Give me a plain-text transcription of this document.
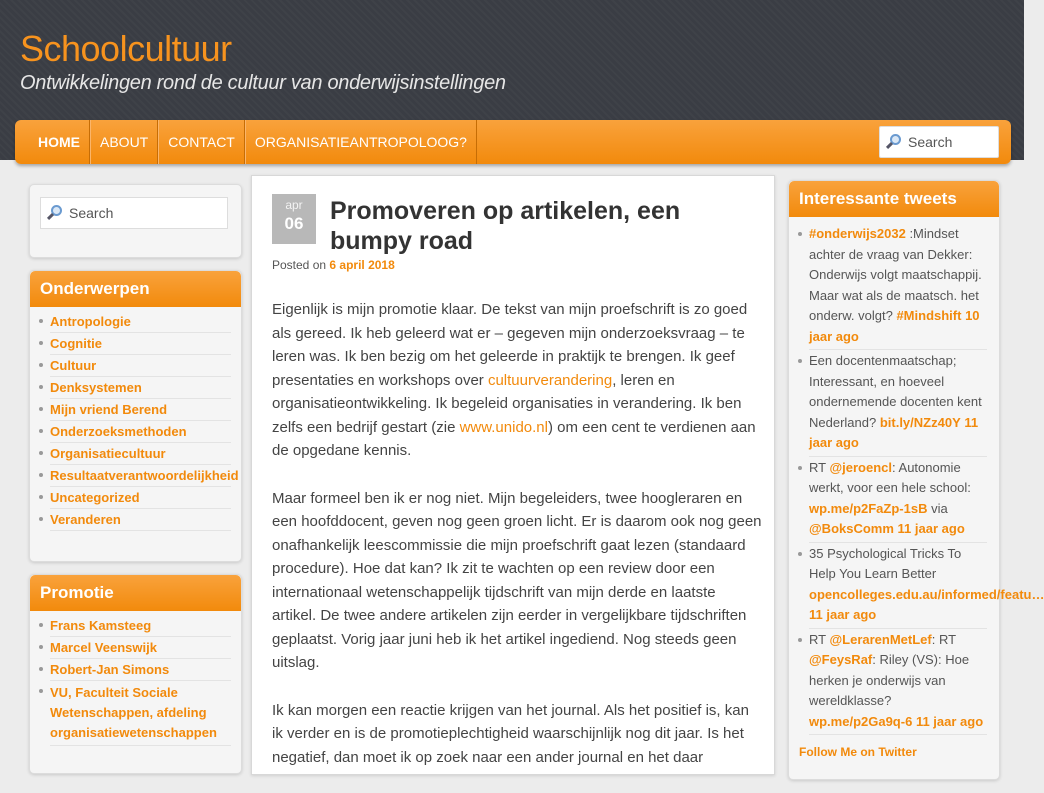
Schoolcultuur
Ontwikkelingen rond de cultuur van onderwijsinstellingen
HOME	ABOUT	CONTACT	ORGANISATIEANTROPOLOOG?	Search
Search
Onderwerpen
Antropologie
Cognitie
Cultuur
Denksystemen
Mijn vriend Berend
Onderzoeksmethoden
Organisatiecultuur
Resultaatverantwoordelijkheid
Uncategorized
Veranderen
Promotie
Frans Kamsteeg
Marcel Veenswijk
Robert-Jan Simons
VU, Faculteit Sociale Wetenschappen, afdeling organisatiewetenschappen
apr
06	Promoveren op artikelen, een bumpy road
Posted on 6 april 2018

Eigenlijk is mijn promotie klaar. De tekst van mijn proefschrift is zo goed als gereed. Ik heb geleerd wat er – gegeven mijn onderzoeksvraag – te leren was. Ik ben bezig om het geleerde in praktijk te brengen. Ik geef presentaties en workshops over cultuurverandering, leren en organisatieontwikkeling. Ik begeleid organisaties in verandering. Ik ben zelfs een bedrijf gestart (zie www.unido.nl) om een cent te verdienen aan de opgedane kennis.

Maar formeel ben ik er nog niet. Mijn begeleiders, twee hoogleraren en een hoofddocent, geven nog geen groen licht. Er is daarom ook nog geen onafhankelijk leescommissie die mijn proefschrift gaat lezen (standaard procedure). Hoe dat kan? Ik zit te wachten op een review door een internationaal wetenschappelijk tijdschrift van mijn derde en laatste artikel. De twee andere artikelen zijn eerder in vergelijkbare tijdschriften geplaatst. Vorig jaar juni heb ik het artikel ingediend. Nog steeds geen uitslag.

Ik kan morgen een reactie krijgen van het journal. Als het positief is, kan ik verder en is de promotieplechtigheid waarschijnlijk nog dit jaar. Is het negatief, dan moet ik op zoek naar een ander journal en het daar

Interessante tweets
#onderwijs2032 :Mindset achter de vraag van Dekker: Onderwijs volgt maatschappij. Maar wat als de maatsch. het onderw. volgt? #Mindshift 10 jaar ago
Een docentenmaatschap; Interessant, en hoeveel ondernemende docenten kent Nederland? bit.ly/NZz40Y 11 jaar ago
RT @jeroencl: Autonomie werkt, voor een hele school: wp.me/p2FaZp-1sB via @BoksComm 11 jaar ago
35 Psychological Tricks To Help You Learn Better
opencolleges.edu.au/informed/featu…
11 jaar ago
RT @LerarenMetLef: RT @FeysRaf: Riley (VS): Hoe herken je onderwijs van wereldklasse? wp.me/p2Ga9q-6 11 jaar ago
Follow Me on Twitter
